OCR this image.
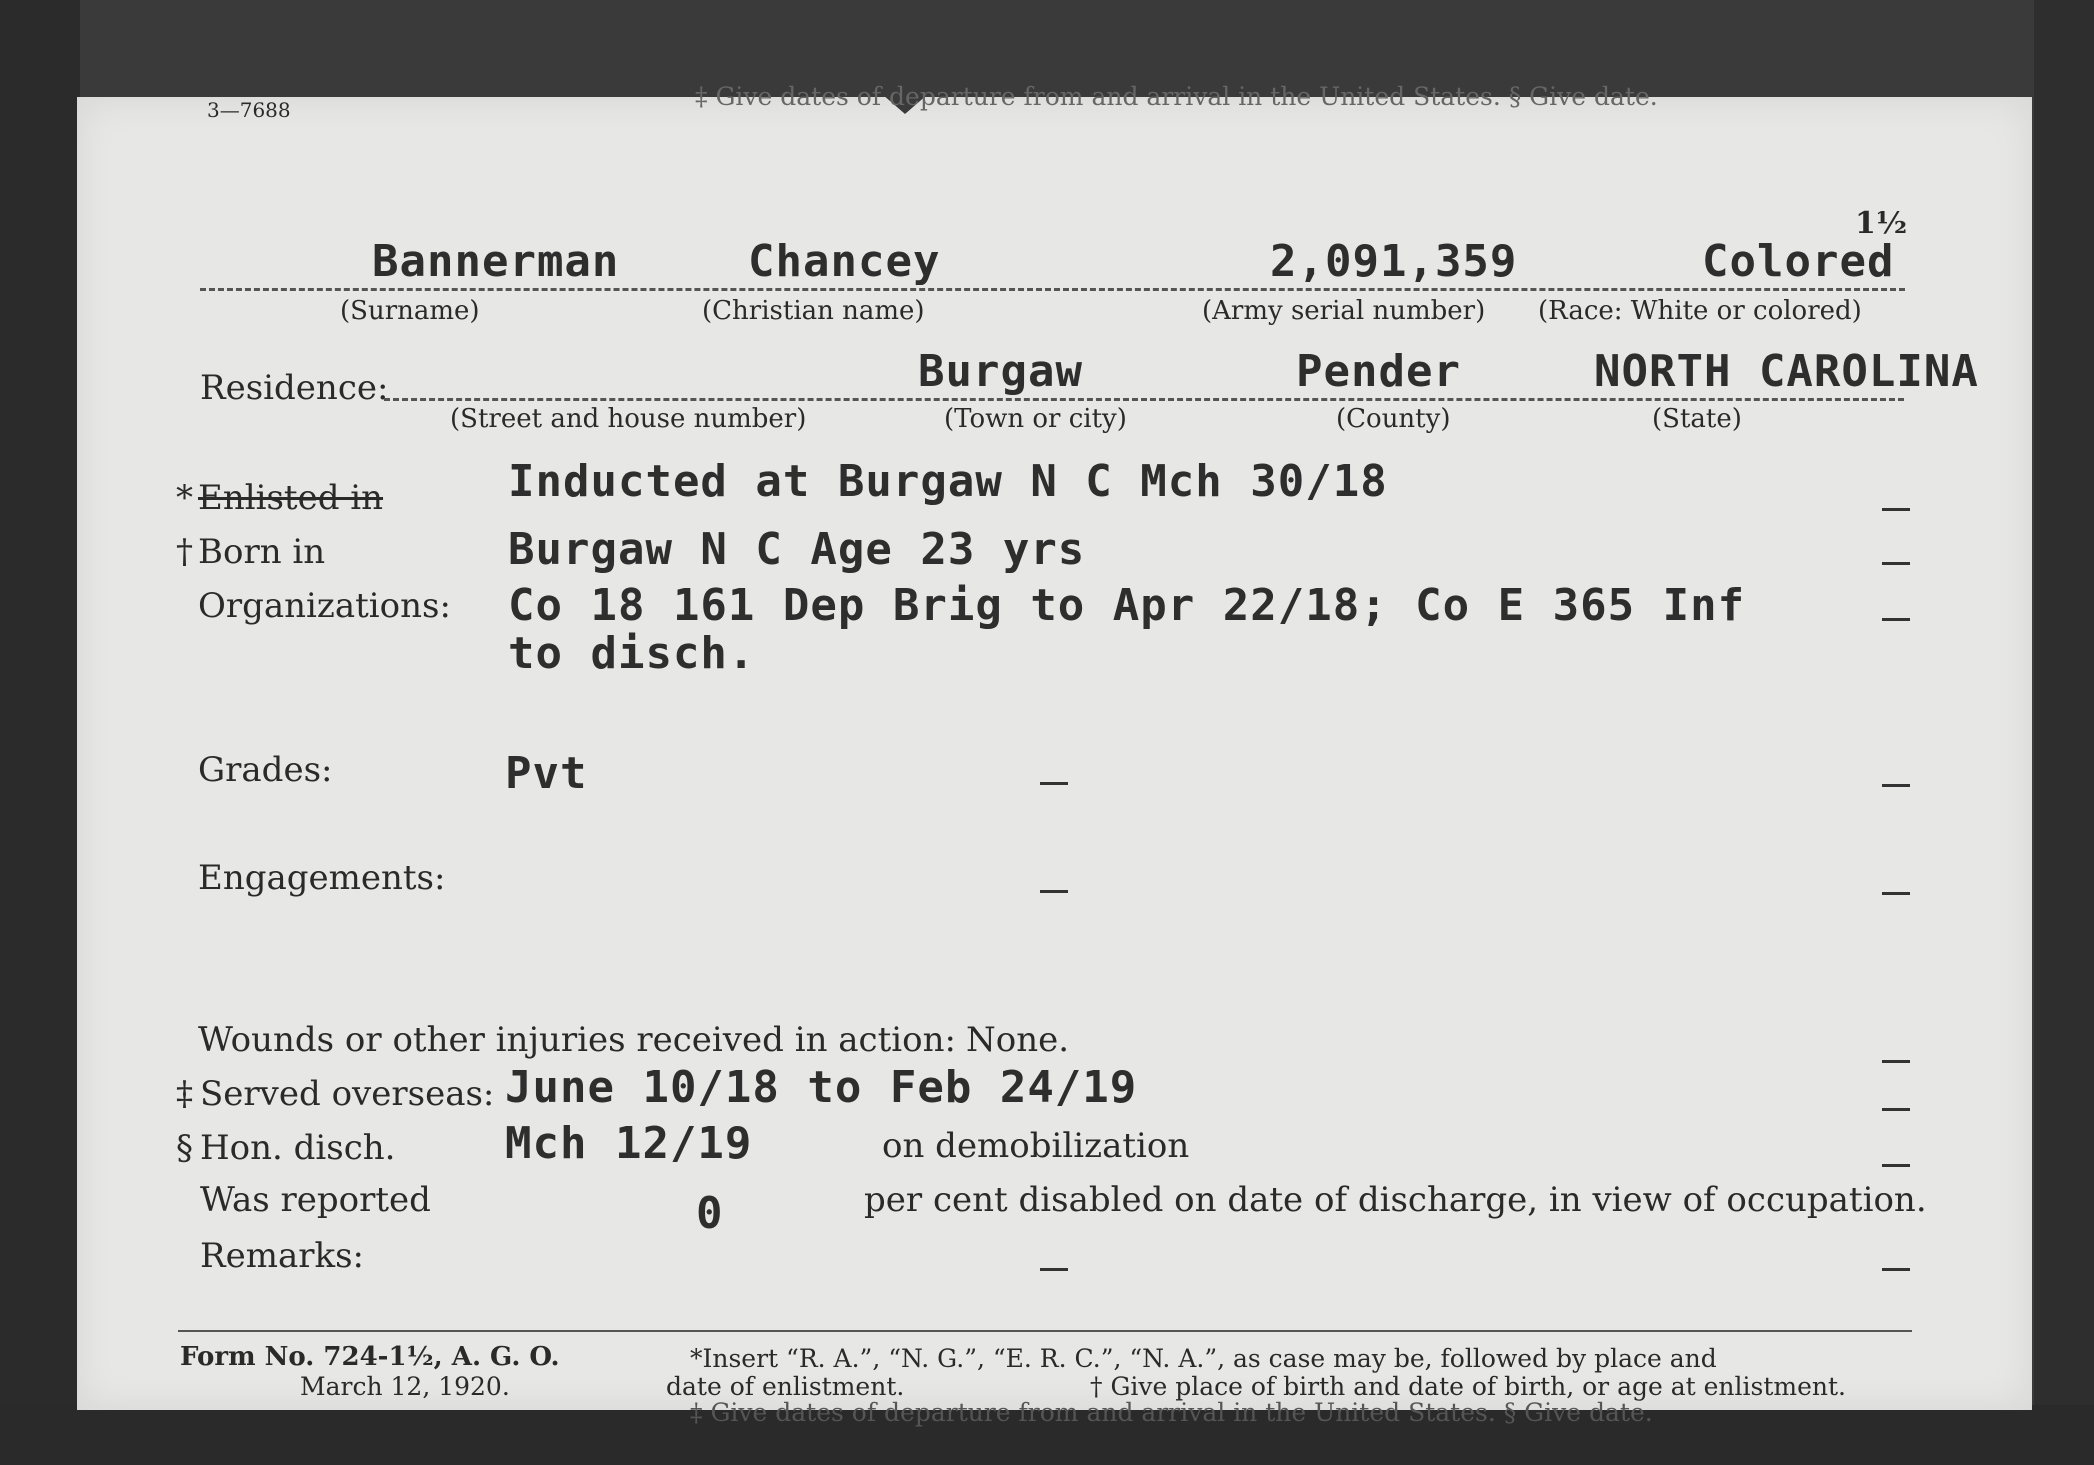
3—7688	‡ Give dates of departure from and arrival in the United States. § Give date.
1½
Bannerman	Chancey	2,091,359	Colored
(Surname)	(Christian name)	(Army serial number) (Race: White or colored)
Residence:	Burgaw	Pender	NORTH CAROLINA
(Street and house number)	(Town or city)	(County)	(State)
* Enlisted in	Inducted at Burgaw N C Mch 30/18
† Born in	Burgaw N C Age 23 yrs
Organizations: Co 18 161 Dep Brig to Apr 22/18; Co E 365 Inf
to disch.
Grades:	Pvt
Engagements:
Wounds or other injuries received in action: None.
‡ Served overseas: June 10/18 to Feb 24/19
§ Hon. disch. Mch 12/19	on demobilization
Was reported	0	per cent disabled on date of discharge, in view of occupation.
Remarks:
Form No. 724-1½, A. G. O.
March 12, 1920.
*Insert “R. A.”, “N. G.”, “E. R. C.”, “N. A.”, as case may be, followed by place and
date of enlistment.	† Give place of birth and date of birth, or age at enlistment.
